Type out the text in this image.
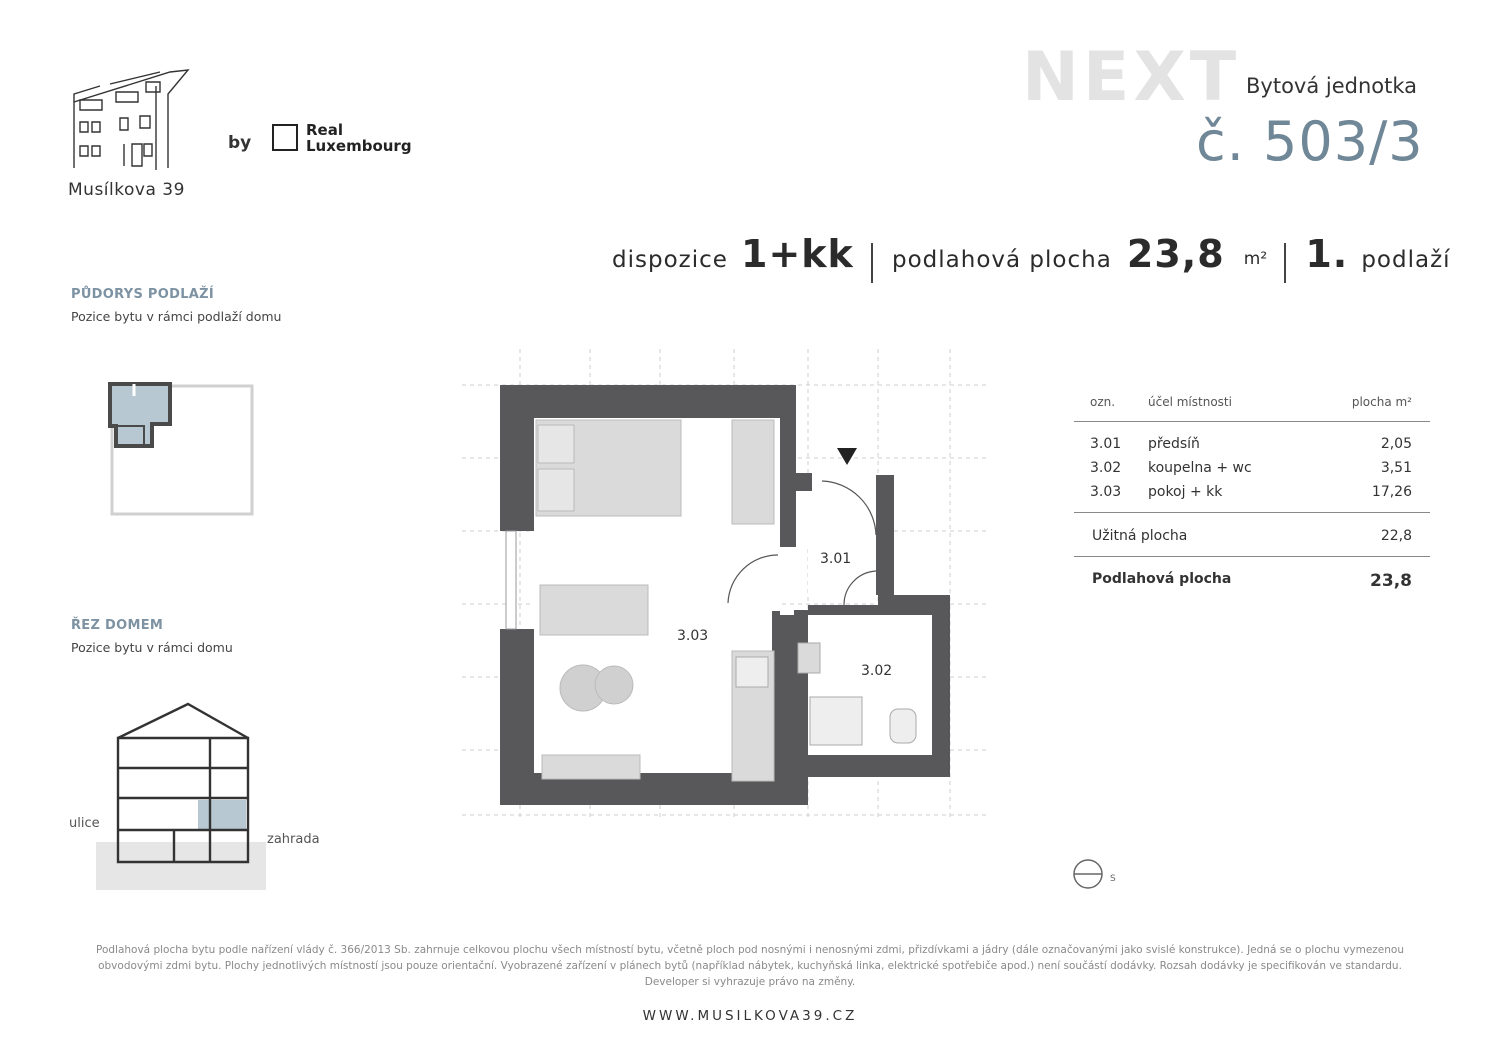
Musílkova 39
by
Real
Luxembourg
NEXT Bytová jednotka
č. 503/3
dispozice 1+kk podlahová plocha 23,8 m² 1. podlaží
PŮDORYS PODLAŽÍ
Pozice bytu v rámci podlaží domu
ŘEZ DOMEM
Pozice bytu v rámci domu
ulice
zahrada
3.01
3.02
3.03
S
ozn.	účel místnosti	plocha m²
3.01	předsíň	2,05
3.02	koupelna + wc	3,51
3.03	pokoj + kk	17,26
Užitná plocha	22,8
Podlahová plocha	23,8
Podlahová plocha bytu podle nařízení vlády č. 366/2013 Sb. zahrnuje celkovou plochu všech místností bytu, včetně ploch pod nosnými i nenosnými zdmi, přizdívkami a jádry (dále označovanými jako svislé konstrukce). Jedná se o plochu vymezenou obvodovými zdmi bytu. Plochy jednotlivých místností jsou pouze orientační. Vyobrazené zařízení v plánech bytů (například nábytek, kuchyňská linka, elektrické spotřebiče apod.) není součástí dodávky. Rozsah dodávky je specifikován ve standardu. Developer si vyhrazuje právo na změny.
WWW.MUSILKOVA39.CZ
